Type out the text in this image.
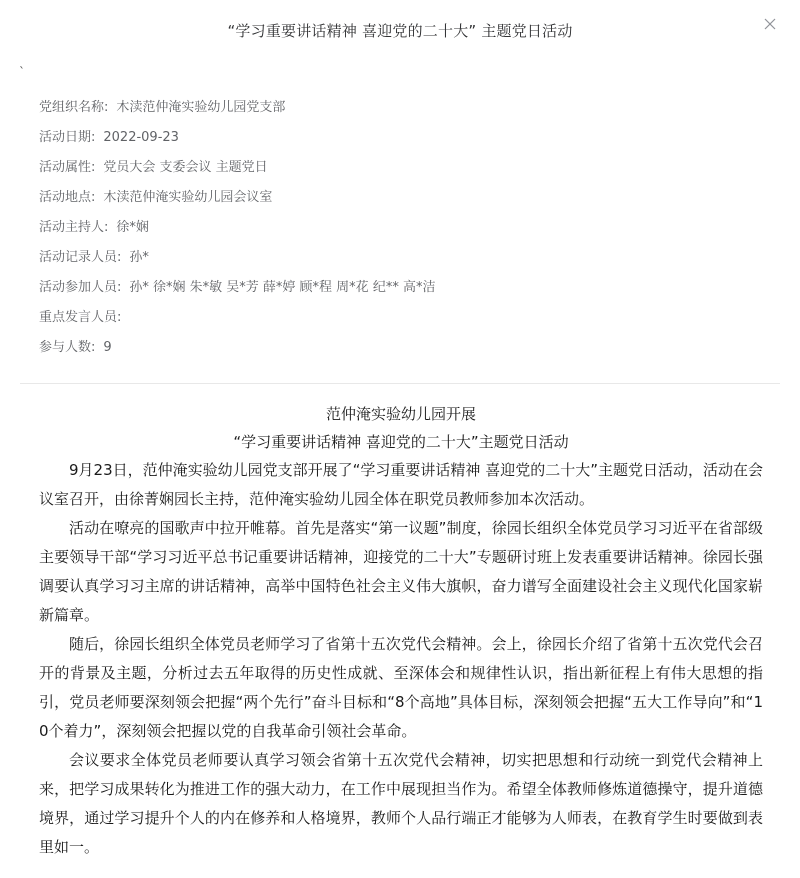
“学习重要讲话精神 喜迎党的二十大” 主题党日活动
`
党组织名称: 木渎范仲淹实验幼儿园党支部
活动日期: 2022-09-23
活动属性: 党员大会 支委会议 主题党日
活动地点: 木渎范仲淹实验幼儿园会议室
活动主持人: 徐*娴
活动记录人员: 孙*
活动参加人员: 孙* 徐*娴 朱*敏 吴*芳 薛*婷 顾*程 周*花 纪** 高*洁
重点发言人员:
参与人数: 9

范仲淹实验幼儿园开展

“学习重要讲话精神 喜迎党的二十大”主题党日活动

9月23日，范仲淹实验幼儿园党支部开展了“学习重要讲话精神 喜迎党的二十大”主题党日活动，活动在会议室召开，由徐菁娴园长主持，范仲淹实验幼儿园全体在职党员教师参加本次活动。

活动在嘹亮的国歌声中拉开帷幕。首先是落实“第一议题”制度，徐园长组织全体党员学习习近平在省部级主要领导干部“学习习近平总书记重要讲话精神，迎接党的二十大”专题研讨班上发表重要讲话精神。徐园长强调要认真学习习主席的讲话精神，高举中国特色社会主义伟大旗帜，奋力谱写全面建设社会主义现代化国家崭新篇章。

随后，徐园长组织全体党员老师学习了省第十五次党代会精神。会上，徐园长介绍了省第十五次党代会召开的背景及主题，分析过去五年取得的历史性成就、至深体会和规律性认识，指出新征程上有伟大思想的指引，党员老师要深刻领会把握“两个先行”奋斗目标和“8个高地”具体目标，深刻领会把握“五大工作导向”和“10个着力”，深刻领会把握以党的自我革命引领社会革命。

会议要求全体党员老师要认真学习领会省第十五次党代会精神，切实把思想和行动统一到党代会精神上来，把学习成果转化为推进工作的强大动力，在工作中展现担当作为。希望全体教师修炼道德操守，提升道德境界，通过学习提升个人的内在修养和人格境界，教师个人品行端正才能够为人师表，在教育学生时要做到表里如一。
